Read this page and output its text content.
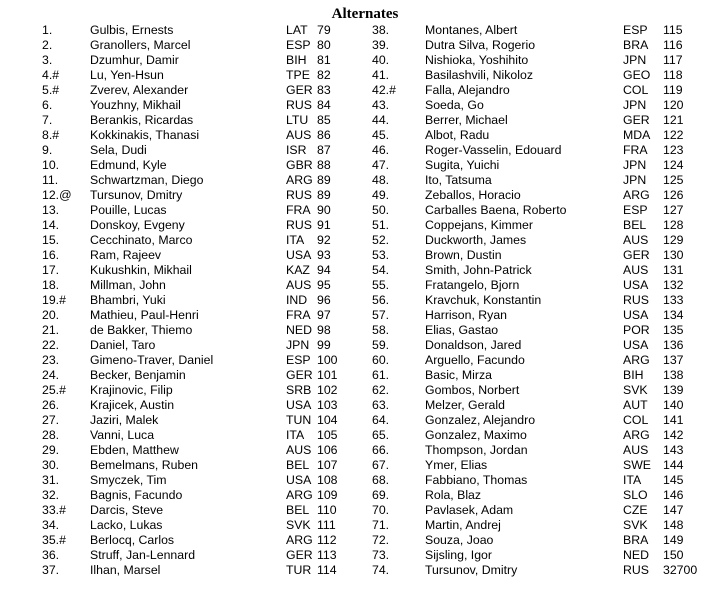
Alternates
1.	Gulbis, Ernests	LAT	79	38.	Montanes, Albert	ESP	115
2.	Granollers, Marcel	ESP	80	39.	Dutra Silva, Rogerio	BRA	116
3.	Dzumhur, Damir	BIH	81	40.	Nishioka, Yoshihito	JPN	117
4.#	Lu, Yen-Hsun	TPE	82	41.	Basilashvili, Nikoloz	GEO	118
5.#	Zverev, Alexander	GER	83	42.#	Falla, Alejandro	COL	119
6.	Youzhny, Mikhail	RUS	84	43.	Soeda, Go	JPN	120
7.	Berankis, Ricardas	LTU	85	44.	Berrer, Michael	GER	121
8.#	Kokkinakis, Thanasi	AUS	86	45.	Albot, Radu	MDA	122
9.	Sela, Dudi	ISR	87	46.	Roger-Vasselin, Edouard	FRA	123
10.	Edmund, Kyle	GBR	88	47.	Sugita, Yuichi	JPN	124
11.	Schwartzman, Diego	ARG	89	48.	Ito, Tatsuma	JPN	125
12.@	Tursunov, Dmitry	RUS	89	49.	Zeballos, Horacio	ARG	126
13.	Pouille, Lucas	FRA	90	50.	Carballes Baena, Roberto	ESP	127
14.	Donskoy, Evgeny	RUS	91	51.	Coppejans, Kimmer	BEL	128
15.	Cecchinato, Marco	ITA	92	52.	Duckworth, James	AUS	129
16.	Ram, Rajeev	USA	93	53.	Brown, Dustin	GER	130
17.	Kukushkin, Mikhail	KAZ	94	54.	Smith, John-Patrick	AUS	131
18.	Millman, John	AUS	95	55.	Fratangelo, Bjorn	USA	132
19.#	Bhambri, Yuki	IND	96	56.	Kravchuk, Konstantin	RUS	133
20.	Mathieu, Paul-Henri	FRA	97	57.	Harrison, Ryan	USA	134
21.	de Bakker, Thiemo	NED	98	58.	Elias, Gastao	POR	135
22.	Daniel, Taro	JPN	99	59.	Donaldson, Jared	USA	136
23.	Gimeno-Traver, Daniel	ESP	100	60.	Arguello, Facundo	ARG	137
24.	Becker, Benjamin	GER	101	61.	Basic, Mirza	BIH	138
25.#	Krajinovic, Filip	SRB	102	62.	Gombos, Norbert	SVK	139
26.	Krajicek, Austin	USA	103	63.	Melzer, Gerald	AUT	140
27.	Jaziri, Malek	TUN	104	64.	Gonzalez, Alejandro	COL	141
28.	Vanni, Luca	ITA	105	65.	Gonzalez, Maximo	ARG	142
29.	Ebden, Matthew	AUS	106	66.	Thompson, Jordan	AUS	143
30.	Bemelmans, Ruben	BEL	107	67.	Ymer, Elias	SWE	144
31.	Smyczek, Tim	USA	108	68.	Fabbiano, Thomas	ITA	145
32.	Bagnis, Facundo	ARG	109	69.	Rola, Blaz	SLO	146
33.#	Darcis, Steve	BEL	110	70.	Pavlasek, Adam	CZE	147
34.	Lacko, Lukas	SVK	111	71.	Martin, Andrej	SVK	148
35.#	Berlocq, Carlos	ARG	112	72.	Souza, Joao	BRA	149
36.	Struff, Jan-Lennard	GER	113	73.	Sijsling, Igor	NED	150
37.	Ilhan, Marsel	TUR	114	74.	Tursunov, Dmitry	RUS	32700
